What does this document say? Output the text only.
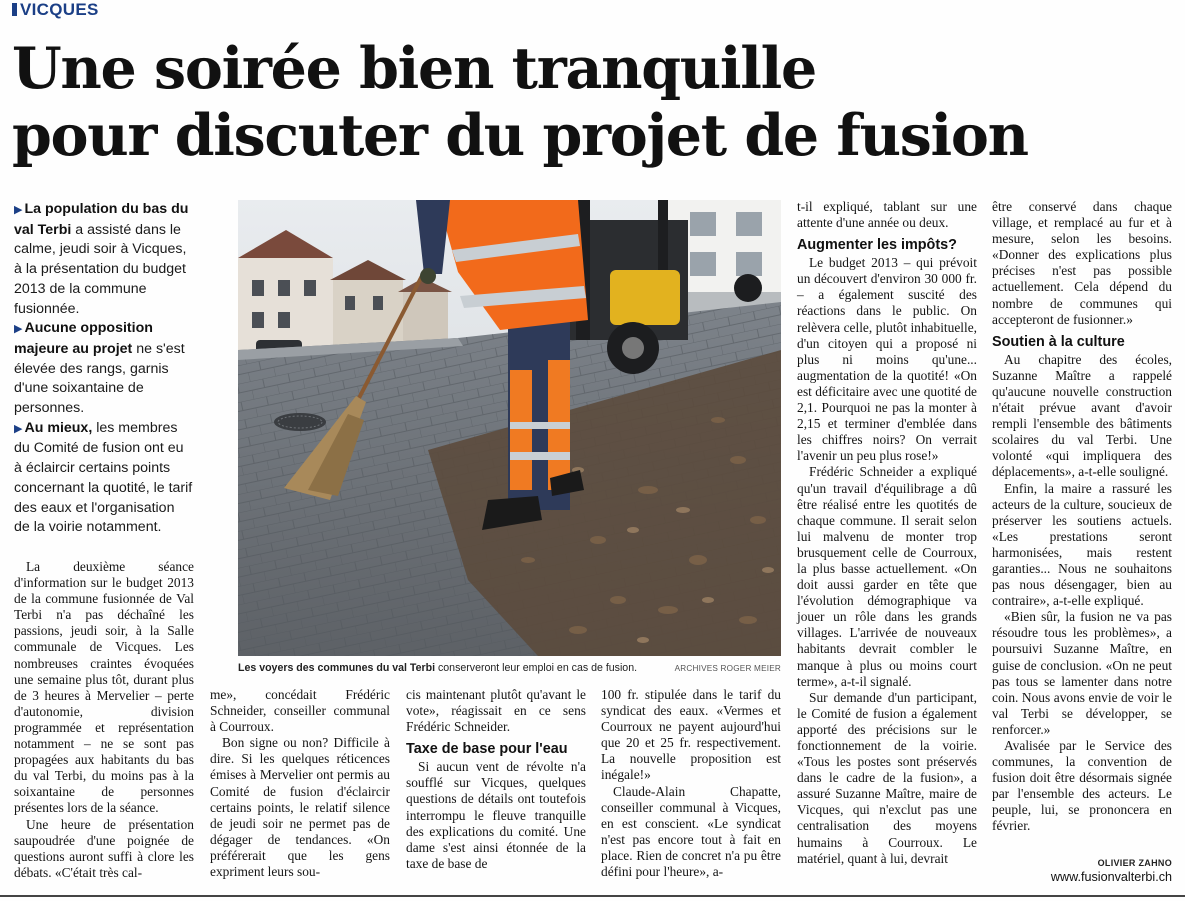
VICQUES
Une soirée bien tranquille
pour discuter du projet de fusion

▶ La population du bas du val Terbi a assisté dans le calme, jeudi soir à Vicques, à la présentation du budget 2013 de la commune fusionnée.

▶ Aucune opposition majeure au projet ne s'est élevée des rangs, garnis d'une soixantaine de personnes.

▶ Au mieux, les membres du Comité de fusion ont eu à éclaircir certains points concernant la quotité, le tarif des eaux et l'organisation de la voirie notamment.

Les voyers des communes du val Terbi conserveront leur emploi en cas de fusion.	ARCHIVES ROGER MEIER

La deuxième séance d'information sur le budget 2013 de la commune fusionnée de Val Terbi n'a pas déchaîné les passions, jeudi soir, à la Salle communale de Vicques. Les nombreuses craintes évoquées une semaine plus tôt, durant plus de 3 heures à Mervelier – perte d'autonomie, division programmée et représentation notamment – ne se sont pas propagées aux habitants du bas du val Terbi, du moins pas à la soixantaine de personnes présentes lors de la séance.

Une heure de présentation saupoudrée d'une poignée de questions auront suffi à clore les débats. «C'était très cal-

me», concédait Frédéric Schneider, conseiller communal à Courroux.

Bon signe ou non? Difficile à dire. Si les quelques réticences émises à Mervelier ont permis au Comité de fusion d'éclaircir certains points, le relatif silence de jeudi soir ne permet pas de dégager de tendances. «On préférerait que les gens expriment leurs sou-

cis maintenant plutôt qu'avant le vote», réagissait en ce sens Frédéric Schneider.

Taxe de base pour l'eau

Si aucun vent de révolte n'a soufflé sur Vicques, quelques questions de détails ont toutefois interrompu le fleuve tranquille des explications du comité. Une dame s'est ainsi étonnée de la taxe de base de

100 fr. stipulée dans le tarif du syndicat des eaux. «Vermes et Courroux ne payent aujourd'hui que 20 et 25 fr. respectivement. La nouvelle proposition est inégale!»

Claude-Alain Chapatte, conseiller communal à Vicques, en est conscient. «Le syndicat n'est pas encore tout à fait en place. Rien de concret n'a pu être défini pour l'heure», a-

t-il expliqué, tablant sur une attente d'une année ou deux.

Augmenter les impôts?

Le budget 2013 – qui prévoit un découvert d'environ 30 000 fr. – a également suscité des réactions dans le public. On relèvera celle, plutôt inhabituelle, d'un citoyen qui a proposé ni plus ni moins qu'une... augmentation de la quotité! «On est déficitaire avec une quotité de 2,1. Pourquoi ne pas la monter à 2,15 et terminer d'emblée dans les chiffres noirs? On verrait l'avenir un peu plus rose!»

Frédéric Schneider a expliqué qu'un travail d'équilibrage a dû être réalisé entre les quotités de chaque commune. Il serait selon lui malvenu de monter trop brusquement celle de Courroux, la plus basse actuellement. «On doit aussi garder en tête que l'évolution démographique va jouer un rôle dans les grands villages. L'arrivée de nouveaux habitants devrait combler le manque à plus ou moins court terme», a-t-il signalé.

Sur demande d'un participant, le Comité de fusion a également apporté des précisions sur le fonctionnement de la voirie. «Tous les postes sont préservés dans le cadre de la fusion», a assuré Suzanne Maître, maire de Vicques, qui n'exclut pas une centralisation des moyens humains à Courroux. Le matériel, quant à lui, devrait

être conservé dans chaque village, et remplacé au fur et à mesure, selon les besoins. «Donner des explications plus précises n'est pas possible actuellement. Cela dépend du nombre de communes qui accepteront de fusionner.»

Soutien à la culture

Au chapitre des écoles, Suzanne Maître a rappelé qu'aucune nouvelle construction n'était prévue avant d'avoir rempli l'ensemble des bâtiments scolaires du val Terbi. Une volonté «qui impliquera des déplacements», a-t-elle souligné.

Enfin, la maire a rassuré les acteurs de la culture, soucieux de préserver les soutiens actuels. «Les prestations seront harmonisées, mais restent garanties... Nous ne souhaitons pas nous désengager, bien au contraire», a-t-elle expliqué.

«Bien sûr, la fusion ne va pas résoudre tous les problèmes», a poursuivi Suzanne Maître, en guise de conclusion. «On ne peut pas tous se lamenter dans notre coin. Nous avons envie de voir le val Terbi se développer, se renforcer.»

Avalisée par le Service des communes, la convention de fusion doit être désormais signée par l'ensemble des acteurs. Le peuple, lui, se prononcera en février.

OLIVIER ZAHNO
www.fusionvalterbi.ch
